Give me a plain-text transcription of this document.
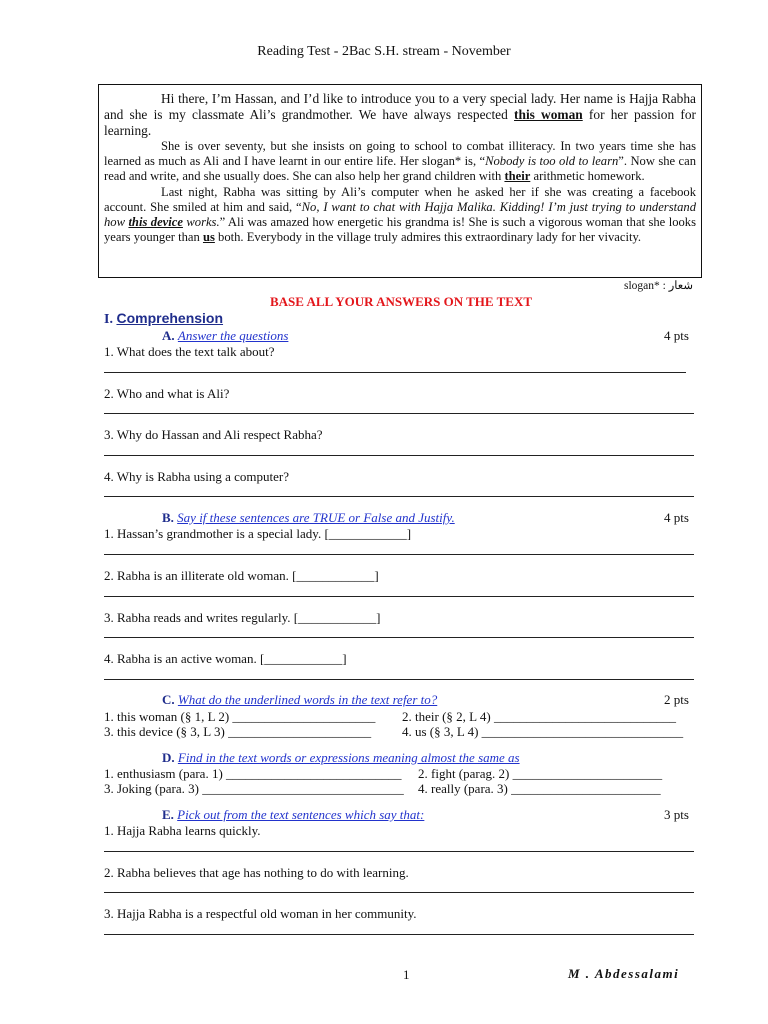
Reading Test - 2Bac S.H. stream - November

Hi there, I’m Hassan, and I’d like to introduce you to a very special lady. Her name is Hajja Rabha and she is my classmate Ali’s grandmother. We have always respected this woman for her passion for learning.

She is over seventy, but she insists on going to school to combat illiteracy. In two years time she has learned as much as Ali and I have learnt in our entire life. Her slogan* is, “Nobody is too old to learn”. Now she can read and write, and she usually does. She can also help her grand children with their arithmetic homework.

Last night, Rabha was sitting by Ali’s computer when he asked her if she was creating a facebook account. She smiled at him and said, “No, I want to chat with Hajja Malika. Kidding! I’m just trying to understand how this device works.” Ali was amazed how energetic his grandma is! She is such a vigorous woman that she looks years younger than us both. Everybody in the village truly admires this extraordinary lady for her vivacity.

slogan* : شعار
BASE ALL YOUR ANSWERS ON THE TEXT
I. Comprehension
A. Answer the questions	4 pts
1. What does the text talk about?
2. Who and what is Ali?
3. Why do Hassan and Ali respect Rabha?
4. Why is Rabha using a computer?
B. Say if these sentences are TRUE or False and Justify.	4 pts
1. Hassan’s grandmother is a special lady. [____________]
2. Rabha is an illiterate old woman. [____________]
3. Rabha reads and writes regularly. [____________]
4. Rabha is an active woman. [____________]
C. What do the underlined words in the text refer to?	2 pts
1. this woman (§ 1, L 2) ______________________ 2. their (§ 2, L 4) ____________________________
3. this device (§ 3, L 3) ______________________ 4. us (§ 3, L 4) _______________________________
D. Find in the text words or expressions meaning almost the same as
1. enthusiasm (para. 1) ___________________________ 2. fight (parag. 2) _______________________
3. Joking (para. 3) _______________________________ 4. really (para. 3) _______________________
E. Pick out from the text sentences which say that:	3 pts
1. Hajja Rabha learns quickly.
2. Rabha believes that age has nothing to do with learning.
3. Hajja Rabha is a respectful old woman in her community.
1	M . Abdessalami
